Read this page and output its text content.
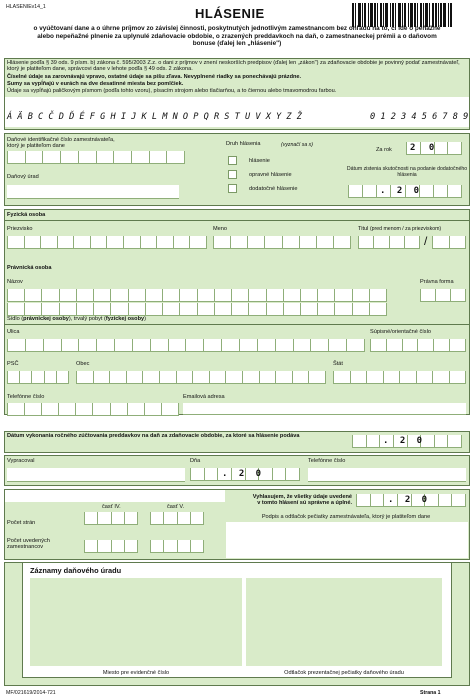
HLASENIEv14_1	HLÁSENIE
o vyúčtovaní dane a o úhrne príjmov zo závislej činnosti, poskytnutých jednotlivým zamestnancom bez ohľadu na to, či ide o peňažné alebo nepeňažné plnenie za uplynulé zdaňovacie obdobie, o zrazených preddavkoch na daň, o zamestnaneckej prémii a o daňovom bonuse (ďalej len „hlásenie")
Hlásenie podľa § 39 ods. 9 písm. b) zákona č. 595/2003 Z.z. o dani z príjmov v znení neskorších predpisov (ďalej len „zákon") za zdaňovacie obdobie je povinný podať zamestnávateľ, ktorý je platiteľom dane, správcovi dane v lehote podľa § 49 ods. 2 zákona.
Číselné údaje sa zarovnávajú vpravo, ostatné údaje sa píšu zľava. Nevyplnené riadky sa ponechávajú prázdne.
Sumy sa vypĺňajú v eurách na dve desatinné miesta bez pomlčiek.
Údaje sa vypĺňajú paličkovým písmom (podľa tohto vzoru), písacím strojom alebo tlačiarňou, a to čiernou alebo tmavomodrou farbou.
Á Ä B C Č D Ď É F G H I J K L M N O P Q R S T U V X Y Z Ž	0 1 2 3 4 5 6 7 8 9
Daňové identifikačné číslo zamestnávateľa, ktorý je platiteľom dane
Daňový úrad
Druh hlásenia	(vyznačí sa x)
hlásenie
opravné hlásenie
dodatočné hlásenie
Za rok 2 0
Dátum zistenia skutočnosti na podanie dodatočného hlásenia
. 2 0
Fyzická osoba
Priezvisko	Meno	Titul (pred menom / za priezviskom)
/
Právnická osoba
Názov	Právna forma
Sídlo (právnickej osoby), trvalý pobyt (fyzickej osoby)
Ulica	Súpisné/orientačné číslo
PSČ	Obec	Štát
Telefónne číslo	Emailová adresa
Dátum vykonania ročného zúčtovania preddavkov na daň za zdaňovacie obdobie, za ktoré sa hlásenie podáva	. 2 0
Vypracoval	Dňa
. 2 0
Telefónne číslo
časť IV.	časť V.
Počet strán
Počet uvedených zamestnancov
Vyhlasujem, že všetky údaje uvedené v tomto hlásení sú správne a úplné.	. 2 0
Podpis a odtlačok pečiatky zamestnávateľa, ktorý je platiteľom dane
Záznamy daňového úradu
Miesto pre evidenčné číslo	Odtlačok prezentačnej pečiatky daňového úradu
MF/021619/2014-721	Strana 1
